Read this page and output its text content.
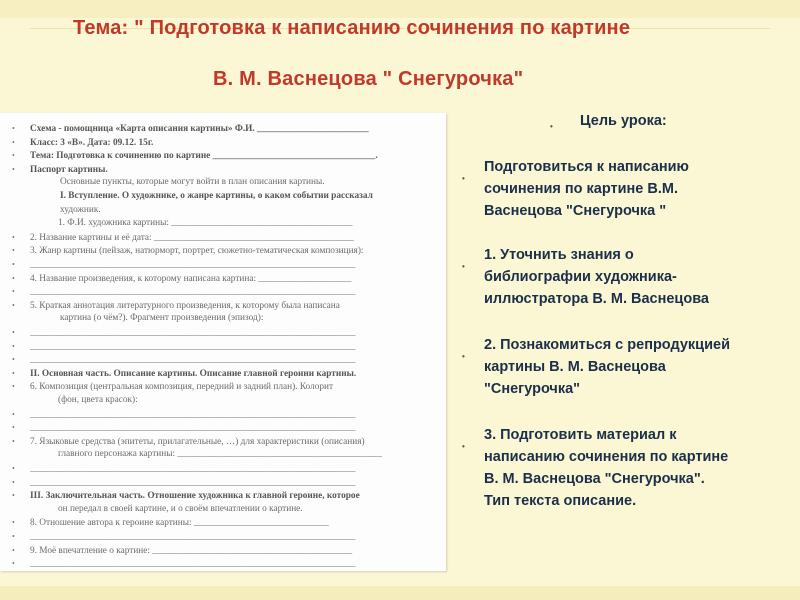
Тема: " Подготовка к написанию сочинения по картине
В. М. Васнецова " Снегурочка"
• Схема - помощница «Карта описания картины» Ф.И. ________________________
• Класс: 3 «В». Дата: 09.12. 15г.
• Тема: Подготовка к сочинению по картине ___________________________________.
• Паспорт картины.
Основные пункты, которые могут войти в план описания картины.
I. Вступление. О художнике, о жанре картины, о каком событии рассказал
художник.
1. Ф.И. художника картины: _______________________________________
• 2. Название картины и её дата: ___________________________________________
• 3. Жанр картины (пейзаж, натюрморт, портрет, сюжетно-тематическая композиция):
• ______________________________________________________________________
• 4. Название произведения, к которому написана картина: ____________________
• ______________________________________________________________________
• 5. Краткая аннотация литературного произведения, к которому была написана
картина (о чём?). Фрагмент произведения (эпизод):
• ______________________________________________________________________
• ______________________________________________________________________
• ______________________________________________________________________
• II. Основная часть. Описание картины. Описание главной героини картины.
• 6. Композиция (центральная композиция, передний и задний план). Колорит
(фон, цвета красок):
• ______________________________________________________________________
• ______________________________________________________________________
• 7. Языковые средства (эпитеты, прилагательные, …) для характеристики (описания)
главного персонажа картины: ____________________________________________
• ______________________________________________________________________
• ______________________________________________________________________
• III. Заключительная часть. Отношение художника к главной героине, которое
он передал в своей картине, и о своём впечатлении о картине.
• 8. Отношение автора к героине картины: _____________________________
• ______________________________________________________________________
• 9. Моё впечатление о картине: ___________________________________________
• ______________________________________________________________________
• Цель урока:
•
Подготовиться к написанию
сочинения по картине В.М.
Васнецова "Снегурочка "
•
1. Уточнить знания о
библиографии художника-
иллюстратора В. М. Васнецова
•
2. Познакомиться с репродукцией
картины В. М. Васнецова
"Снегурочка"
•
3. Подготовить материал к
написанию сочинения по картине
В. М. Васнецова "Снегурочка".
Тип текста описание.
